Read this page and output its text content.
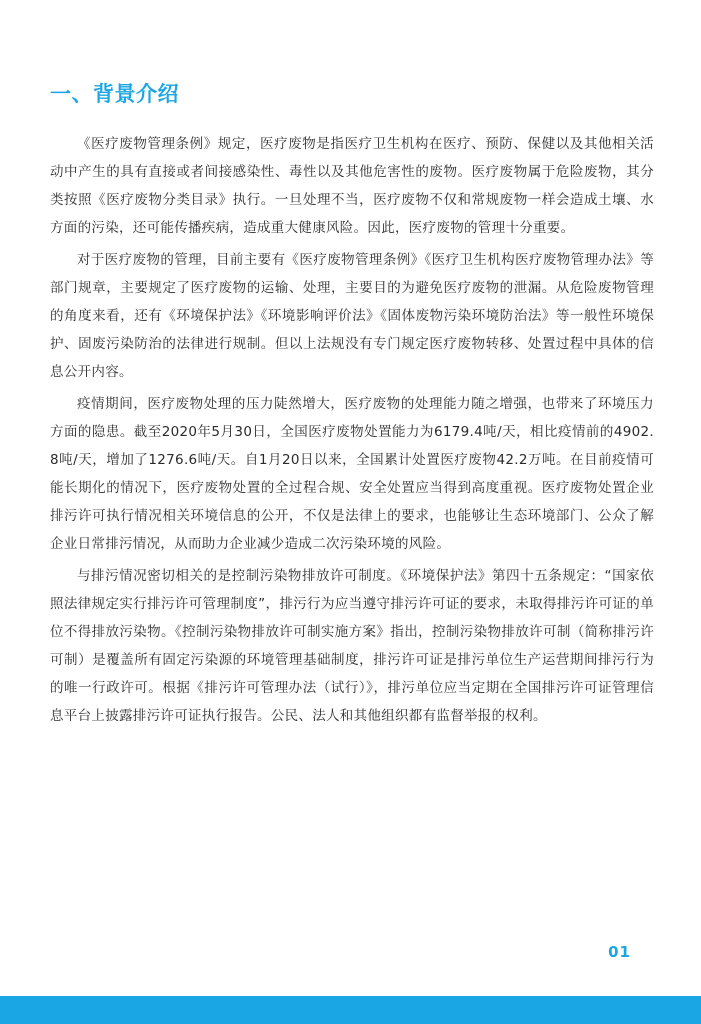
一、背景介绍

《医疗废物管理条例》规定，医疗废物是指医疗卫生机构在医疗、预防、保健以及其他相关活动中产生的具有直接或者间接感染性、毒性以及其他危害性的废物。医疗废物属于危险废物，其分类按照《医疗废物分类目录》执行。一旦处理不当，医疗废物不仅和常规废物一样会造成土壤、水方面的污染，还可能传播疾病，造成重大健康风险。因此，医疗废物的管理十分重要。

对于医疗废物的管理，目前主要有《医疗废物管理条例》《医疗卫生机构医疗废物管理办法》等部门规章，主要规定了医疗废物的运输、处理，主要目的为避免医疗废物的泄漏。从危险废物管理的角度来看，还有《环境保护法》《环境影响评价法》《固体废物污染环境防治法》等一般性环境保护、固废污染防治的法律进行规制。但以上法规没有专门规定医疗废物转移、处置过程中具体的信息公开内容。

疫情期间，医疗废物处理的压力陡然增大，医疗废物的处理能力随之增强，也带来了环境压力方面的隐患。截至2020年5月30日，全国医疗废物处置能力为6179.4吨/天，相比疫情前的4902.8吨/天，增加了1276.6吨/天。自1月20日以来，全国累计处置医疗废物42.2万吨。在目前疫情可能长期化的情况下，医疗废物处置的全过程合规、安全处置应当得到高度重视。医疗废物处置企业排污许可执行情况相关环境信息的公开，不仅是法律上的要求，也能够让生态环境部门、公众了解企业日常排污情况，从而助力企业减少造成二次污染环境的风险。

与排污情况密切相关的是控制污染物排放许可制度。《环境保护法》第四十五条规定：“国家依照法律规定实行排污许可管理制度”，排污行为应当遵守排污许可证的要求，未取得排污许可证的单位不得排放污染物。《控制污染物排放许可制实施方案》指出，控制污染物排放许可制（简称排污许可制）是覆盖所有固定污染源的环境管理基础制度，排污许可证是排污单位生产运营期间排污行为的唯一行政许可。根据《排污许可管理办法（试行）》，排污单位应当定期在全国排污许可证管理信息平台上披露排污许可证执行报告。公民、法人和其他组织都有监督举报的权利。

01
